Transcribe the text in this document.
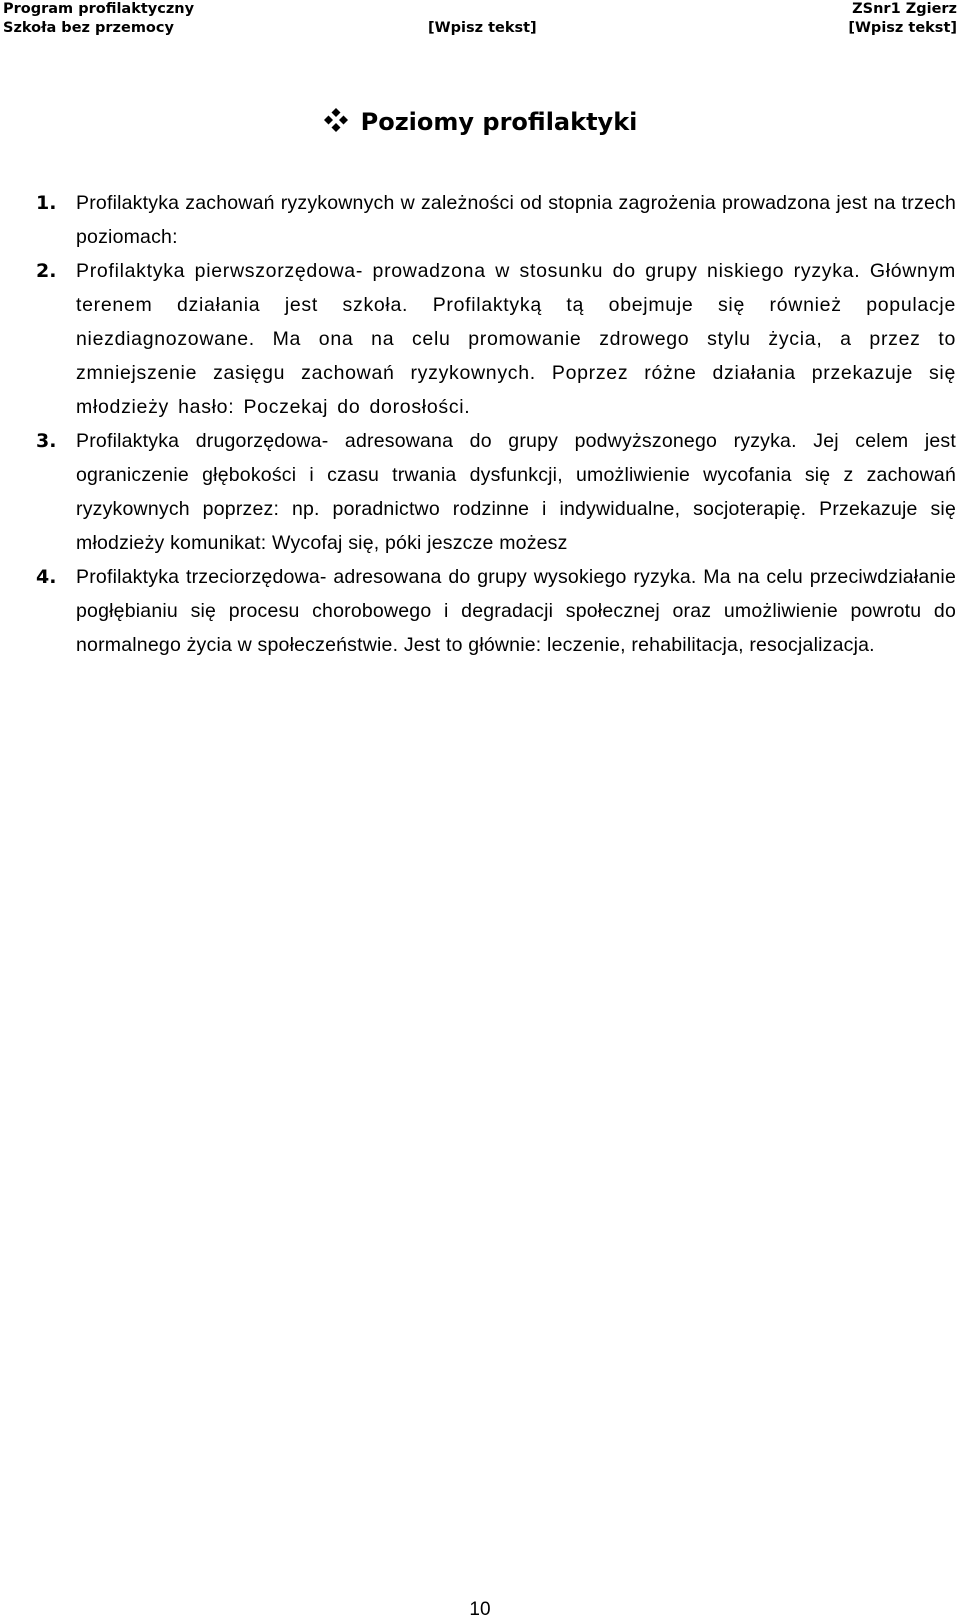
Program profilaktyczny
Szkoła bez przemocy	[Wpisz tekst]
ZSnr1 Zgierz
[Wpisz tekst]
Poziomy profilaktyki
1. Profilaktyka zachowań ryzykownych w zależności od stopnia zagrożenia prowadzona jest na trzech poziomach:

2. Profilaktyka pierwszorzędowa- prowadzona w stosunku do grupy niskiego ryzyka. Głównym terenem działania jest szkoła. Profilaktyką tą obejmuje się również populacje niezdiagnozowane. Ma ona na celu promowanie zdrowego stylu życia, a przez to zmniejszenie zasięgu zachowań ryzykownych. Poprzez różne działania przekazuje się młodzieży hasło: Poczekaj do dorosłości.

3. Profilaktyka drugorzędowa- adresowana do grupy podwyższonego ryzyka. Jej celem jest ograniczenie głębokości i czasu trwania dysfunkcji, umożliwienie wycofania się z zachowań ryzykownych poprzez: np. poradnictwo rodzinne i indywidualne, socjoterapię. Przekazuje się młodzieży komunikat: Wycofaj się, póki jeszcze możesz

4. Profilaktyka trzeciorzędowa- adresowana do grupy wysokiego ryzyka. Ma na celu przeciwdziałanie pogłębianiu się procesu chorobowego i degradacji społecznej oraz umożliwienie powrotu do normalnego życia w społeczeństwie. Jest to głównie: leczenie, rehabilitacja, resocjalizacja.

10
